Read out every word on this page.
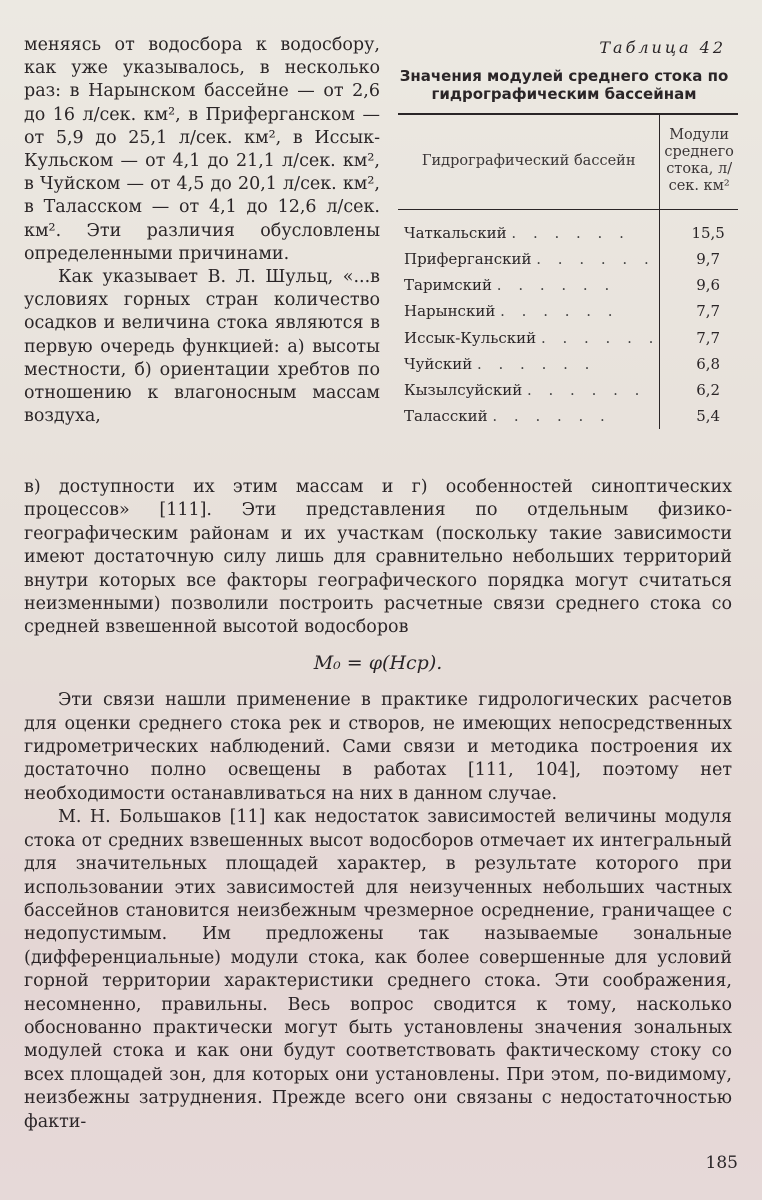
меняясь от водосбора к водосбору, как уже указывалось, в несколько раз: в Нарынском бассейне — от 2,6 до 16 л/сек. км², в Приферганском — от 5,9 до 25,1 л/сек. км², в Иссык-Кульском — от 4,1 до 21,1 л/сек. км², в Чуйском — от 4,5 до 20,1 л/сек. км², в Таласском — от 4,1 до 12,6 л/сек. км². Эти различия обусловлены определенными причинами.

Как указывает В. Л. Шульц, «...в условиях горных стран количество осадков и величина стока являются в первую очередь функцией: а) высоты местности, б) ориентации хребтов по отношению к влагоносным массам воздуха,

Таблица 42
Значения модулей среднего стока по гидрографическим бассейнам
Гидрографический бассейн	Модули среднего стока, л/сек. км²
Чаткальский . . . . . .	15,5
Приферганский . . . . . .	9,7
Таримский . . . . . .	9,6
Нарынский . . . . . .	7,7
Иссык-Кульский . . . . . .	7,7
Чуйский . . . . . .	6,8
Кызылсуйский . . . . . .	6,2
Таласский . . . . . .	5,4

в) доступности их этим массам и г) особенностей синоптических процессов» [111]. Эти представления по отдельным физико-географическим районам и их участкам (поскольку такие зависимости имеют достаточную силу лишь для сравнительно небольших территорий внутри которых все факторы географического порядка могут считаться неизменными) позволили построить расчетные связи среднего стока со средней взвешенной высотой водосборов

M₀ = φ(Hср).

Эти связи нашли применение в практике гидрологических расчетов для оценки среднего стока рек и створов, не имеющих непосредственных гидрометрических наблюдений. Сами связи и методика построения их достаточно полно освещены в работах [111, 104], поэтому нет необходимости останавливаться на них в данном случае.

М. Н. Большаков [11] как недостаток зависимостей величины модуля стока от средних взвешенных высот водосборов отмечает их интегральный для значительных площадей характер, в результате которого при использовании этих зависимостей для неизученных небольших частных бассейнов становится неизбежным чрезмерное осреднение, граничащее с недопустимым. Им предложены так называемые зональные (дифференциальные) модули стока, как более совершенные для условий горной территории характеристики среднего стока. Эти соображения, несомненно, правильны. Весь вопрос сводится к тому, насколько обоснованно практически могут быть установлены значения зональных модулей стока и как они будут соответствовать фактическому стоку со всех площадей зон, для которых они установлены. При этом, по-видимому, неизбежны затруднения. Прежде всего они связаны с недостаточностью факти-

185
